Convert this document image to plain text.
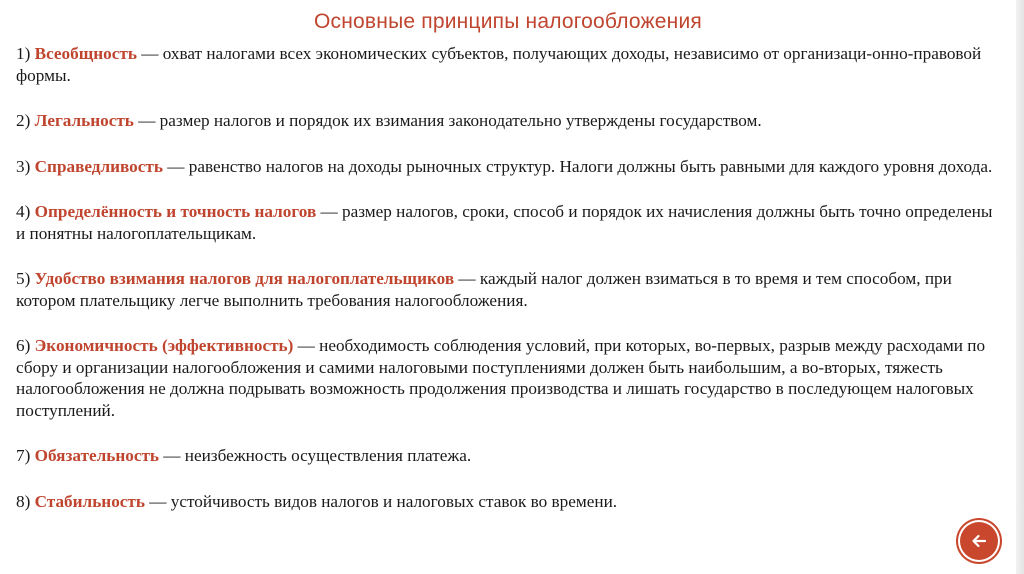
Основные принципы налогообложения

1) Всеобщность — охват налогами всех экономических субъектов, получающих доходы, независимо от организаци-онно-правовой формы.

2) Легальность — размер налогов и порядок их взимания законодательно утверждены государством.

3) Справедливость — равенство налогов на доходы рыночных структур. Налоги должны быть равными для каждого уровня дохода.

4) Определённость и точность налогов — размер налогов, сроки, способ и порядок их начисления должны быть точно определены и понятны налогоплательщикам.

5) Удобство взимания налогов для налогоплательщиков — каждый налог должен взиматься в то время и тем способом, при котором плательщику легче выполнить требования налогообложения.

6) Экономичность (эффективность) — необходимость соблюдения условий, при которых, во-первых, разрыв между расходами по сбору и организации налогообложения и самими налоговыми поступлениями должен быть наибольшим, а во-вторых, тяжесть налогообложения не должна подрывать возможность продолжения производства и лишать государство в последующем налоговых поступлений.

7) Обязательность — неизбежность осуществления платежа.

8) Стабильность — устойчивость видов налогов и налоговых ставок во времени.
